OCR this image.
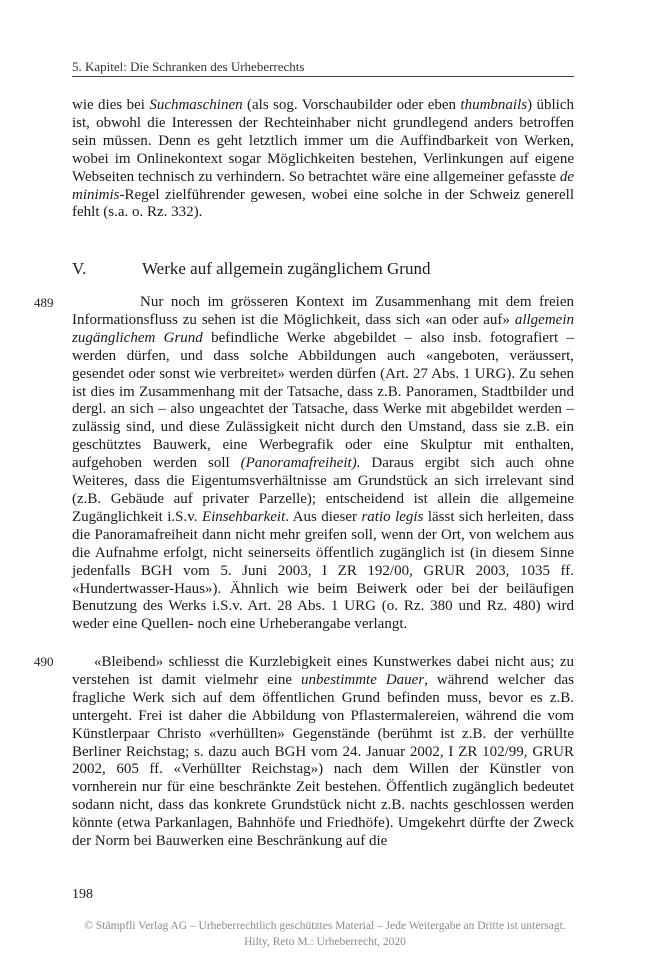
5. Kapitel: Die Schranken des Urheberrechts
wie dies bei Suchmaschinen (als sog. Vorschaubilder oder eben thumbnails) üblich ist, obwohl die Interessen der Rechteinhaber nicht grundlegend anders betroffen sein müssen. Denn es geht letztlich immer um die Auffindbarkeit von Werken, wobei im Onlinekontext sogar Möglichkeiten bestehen, Verlinkungen auf eigene Webseiten technisch zu verhindern. So betrachtet wäre eine allgemeiner gefasste de minimis-Regel zielführender gewesen, wobei eine solche in der Schweiz generell fehlt (s.a. o. Rz. 332).
V.	Werke auf allgemein zugänglichem Grund
489	Nur noch im grösseren Kontext im Zusammenhang mit dem freien Informationsfluss zu sehen ist die Möglichkeit, dass sich «an oder auf» allgemein zugänglichem Grund befindliche Werke abgebildet – also insb. fotografiert – werden dürfen, und dass solche Abbildungen auch «angeboten, veräussert, gesendet oder sonst wie verbreitet» werden dürfen (Art. 27 Abs. 1 URG). Zu sehen ist dies im Zusammenhang mit der Tatsache, dass z.B. Panoramen, Stadtbilder und dergl. an sich – also ungeachtet der Tatsache, dass Werke mit abgebildet werden – zulässig sind, und diese Zulässigkeit nicht durch den Umstand, dass sie z.B. ein geschütztes Bauwerk, eine Werbegrafik oder eine Skulptur mit enthalten, aufgehoben werden soll (Panoramafreiheit). Daraus ergibt sich auch ohne Weiteres, dass die Eigentumsverhältnisse am Grundstück an sich irrelevant sind (z.B. Gebäude auf privater Parzelle); entscheidend ist allein die allgemeine Zugänglichkeit i.S.v. Einsehbarkeit. Aus dieser ratio legis lässt sich herleiten, dass die Panoramafreiheit dann nicht mehr greifen soll, wenn der Ort, von welchem aus die Aufnahme erfolgt, nicht seinerseits öffentlich zugänglich ist (in diesem Sinne jedenfalls BGH vom 5. Juni 2003, I ZR 192/00, GRUR 2003, 1035 ff. «Hundertwasser-Haus»). Ähnlich wie beim Beiwerk oder bei der beiläufigen Benutzung des Werks i.S.v. Art. 28 Abs. 1 URG (o. Rz. 380 und Rz. 480) wird weder eine Quellen- noch eine Urheberangabe verlangt.
490	«Bleibend» schliesst die Kurzlebigkeit eines Kunstwerkes dabei nicht aus; zu verstehen ist damit vielmehr eine unbestimmte Dauer, während welcher das fragliche Werk sich auf dem öffentlichen Grund befinden muss, bevor es z.B. untergeht. Frei ist daher die Abbildung von Pflastermalereien, während die vom Künstlerpaar Christo «verhüllten» Gegenstände (berühmt ist z.B. der verhüllte Berliner Reichstag; s. dazu auch BGH vom 24. Januar 2002, I ZR 102/99, GRUR 2002, 605 ff. «Verhüllter Reichstag») nach dem Willen der Künstler von vornherein nur für eine beschränkte Zeit bestehen. Öffentlich zugänglich bedeutet sodann nicht, dass das konkrete Grundstück nicht z.B. nachts geschlossen werden könnte (etwa Parkanlagen, Bahnhöfe und Friedhöfe). Umgekehrt dürfte der Zweck der Norm bei Bauwerken eine Beschränkung auf die
198
© Stämpfli Verlag AG – Urheberrechtlich geschütztes Material – Jede Weitergabe an Dritte ist untersagt.
Hilty, Reto M.: Urheberrecht, 2020
